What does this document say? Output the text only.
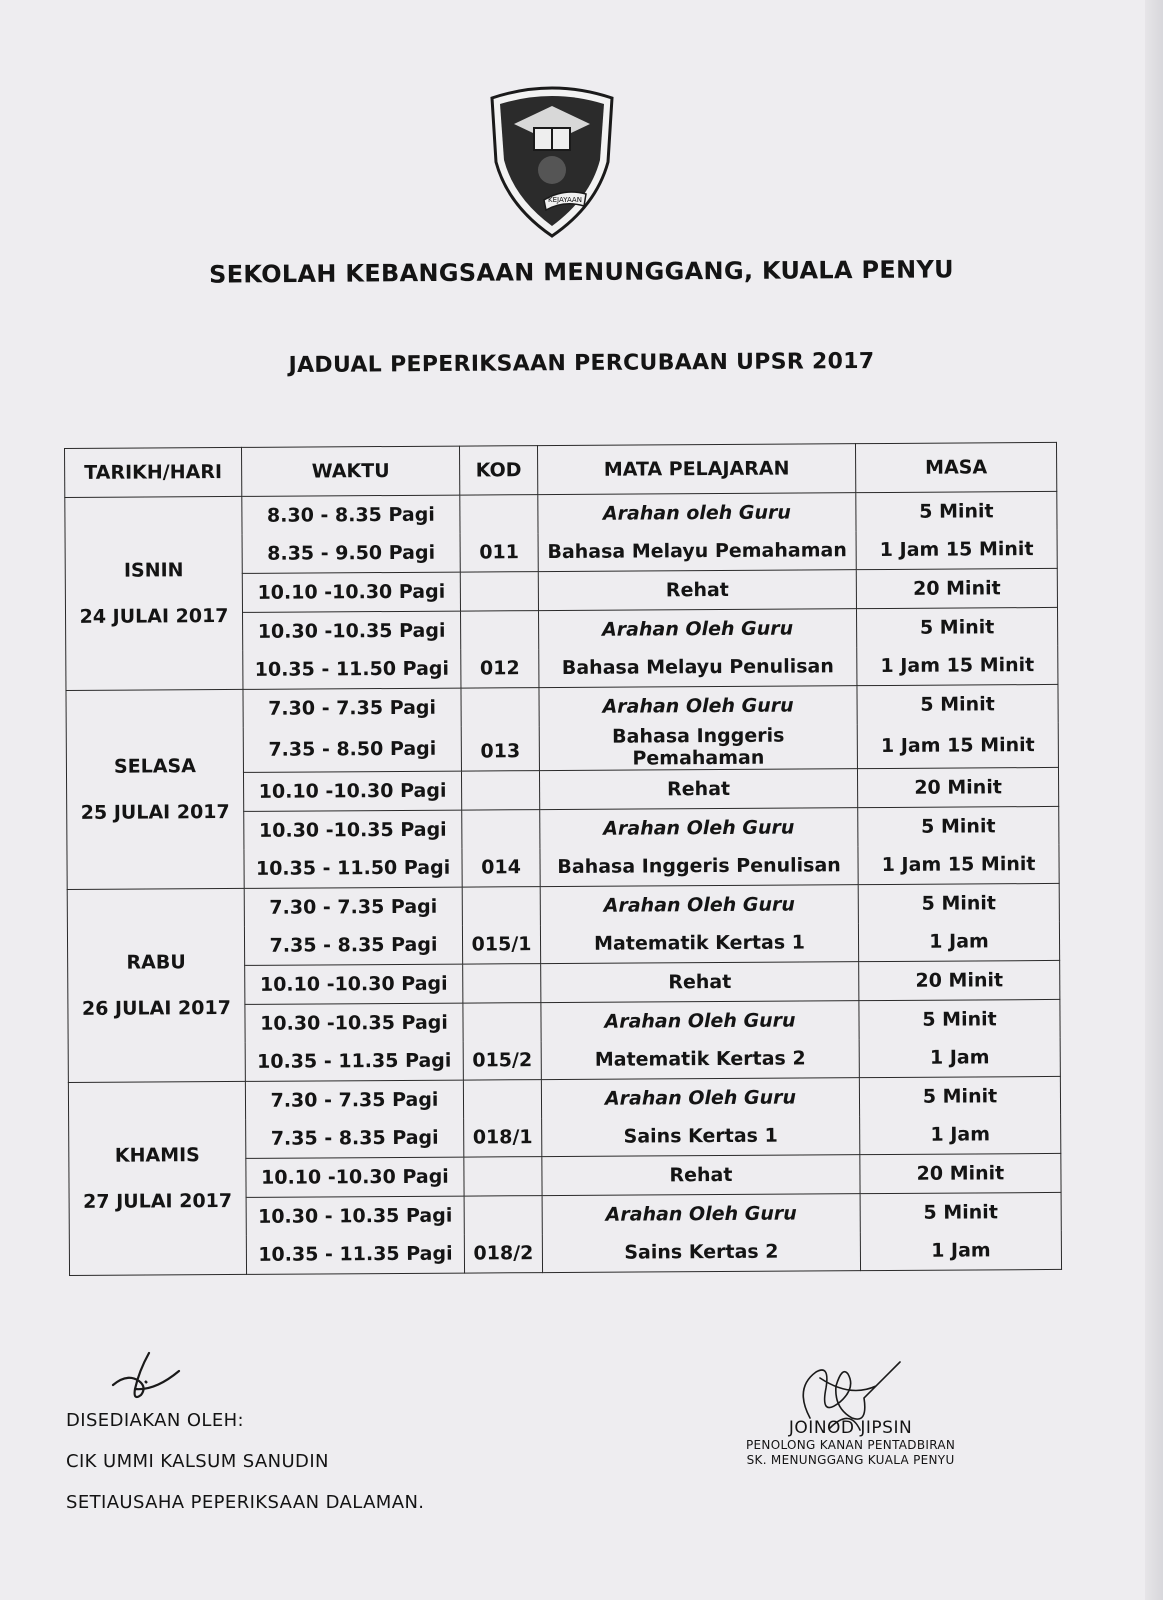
KEJAYAAN
SEKOLAH KEBANGSAAN MENUNGGANG, KUALA PENYU
JADUAL PEPERIKSAAN PERCUBAAN UPSR 2017
TARIKH/HARI	WAKTU	KOD	MATA PELAJARAN	MASA

ISNIN
24 JULAI 2017	8.30 - 8.35 Pagi	011	Arahan oleh Guru	5 Minit
	8.35 - 9.50 Pagi		Bahasa Melayu Pemahaman	1 Jam 15 Minit
	10.10 -10.30 Pagi		Rehat	20 Minit
	10.30 -10.35 Pagi	012	Arahan Oleh Guru	5 Minit
	10.35 - 11.50 Pagi		Bahasa Melayu Penulisan	1 Jam 15 Minit

SELASA
25 JULAI 2017	7.30 - 7.35 Pagi	013	Arahan Oleh Guru	5 Minit
	7.35 - 8.50 Pagi		Bahasa Inggeris Pemahaman	1 Jam 15 Minit
	10.10 -10.30 Pagi		Rehat	20 Minit
	10.30 -10.35 Pagi	014	Arahan Oleh Guru	5 Minit
	10.35 - 11.50 Pagi		Bahasa Inggeris Penulisan	1 Jam 15 Minit

RABU
26 JULAI 2017	7.30 - 7.35 Pagi	015/1	Arahan Oleh Guru	5 Minit
	7.35 - 8.35 Pagi		Matematik Kertas 1	1 Jam
	10.10 -10.30 Pagi		Rehat	20 Minit
	10.30 -10.35 Pagi	015/2	Arahan Oleh Guru	5 Minit
	10.35 - 11.35 Pagi		Matematik Kertas 2	1 Jam

KHAMIS
27 JULAI 2017	7.30 - 7.35 Pagi	018/1	Arahan Oleh Guru	5 Minit
	7.35 - 8.35 Pagi		Sains Kertas 1	1 Jam
	10.10 -10.30 Pagi		Rehat	20 Minit
	10.30 - 10.35 Pagi	018/2	Arahan Oleh Guru	5 Minit
	10.35 - 11.35 Pagi		Sains Kertas 2	1 Jam
DISEDIAKAN OLEH:
CIK UMMI KALSUM SANUDIN
SETIAUSAHA PEPERIKSAAN DALAMAN.
JOINOD JIPSIN
PENOLONG KANAN PENTADBIRAN
SK. MENUNGGANG KUALA PENYU
